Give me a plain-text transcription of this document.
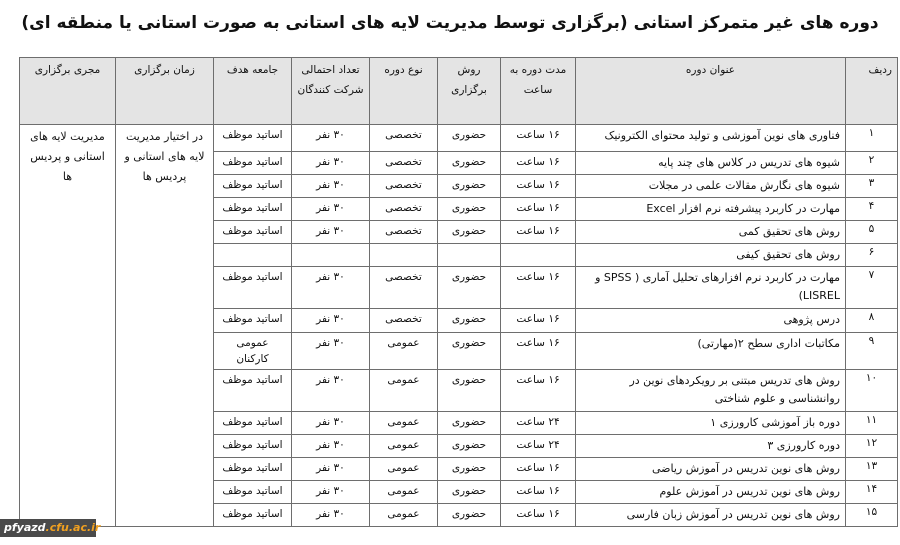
دوره های غیر متمرکز استانی (برگزاری توسط مدیریت لایه های استانی به صورت استانی یا منطقه ای)
ردیف	عنوان دوره	مدت دوره به ساعت	روش برگزاری	نوع دوره	تعداد احتمالی شرکت کنندگان	جامعه هدف	زمان برگزاری	مجری برگزاری
۱	فناوری های نوین آموزشی و تولید محتوای الکترونیک	۱۶ ساعت	حضوری	تخصصی	۳۰ نفر	اساتید موظف	در اختیار مدیریت لایه های استانی و پردیس ها	مدیریت لایه های استانی و پردیس ها
۲	شیوه های تدریس در کلاس های چند پایه	۱۶ ساعت	حضوری	تخصصی	۳۰ نفر	اساتید موظف		
۳	شیوه های نگارش مقالات علمی در مجلات	۱۶ ساعت	حضوری	تخصصی	۳۰ نفر	اساتید موظف		
۴	مهارت در کاربرد پیشرفته نرم افزار Excel	۱۶ ساعت	حضوری	تخصصی	۳۰ نفر	اساتید موظف		
۵	روش های تحقیق کمی	۱۶ ساعت	حضوری	تخصصی	۳۰ نفر	اساتید موظف		
۶	روش های تحقیق کیفی							
۷	مهارت در کاربرد نرم افزارهای تحلیل آماری ( SPSS و LISREL)	۱۶ ساعت	حضوری	تخصصی	۳۰ نفر	اساتید موظف		
۸	درس پژوهی	۱۶ ساعت	حضوری	تخصصی	۳۰ نفر	اساتید موظف		
۹	مکاتبات اداری سطح ۲(مهارتی)	۱۶ ساعت	حضوری	عمومی	۳۰ نفر	عمومی کارکنان		
۱۰	روش های تدریس مبتنی بر رویکردهای نوین در روانشناسی و علوم شناختی	۱۶ ساعت	حضوری	عمومی	۳۰ نفر	اساتید موظف		
۱۱	دوره باز آموزشی کارورزی ۱	۲۴ ساعت	حضوری	عمومی	۳۰ نفر	اساتید موظف		
۱۲	دوره کارورزی ۳	۲۴ ساعت	حضوری	عمومی	۳۰ نفر	اساتید موظف		
۱۳	روش های نوین تدریس در آموزش ریاضی	۱۶ ساعت	حضوری	عمومی	۳۰ نفر	اساتید موظف		
۱۴	روش های نوین تدریس در آموزش علوم	۱۶ ساعت	حضوری	عمومی	۳۰ نفر	اساتید موظف		
۱۵	روش های نوین تدریس در آموزش زبان فارسی	۱۶ ساعت	حضوری	عمومی	۳۰ نفر	اساتید موظف		
pfyazd.cfu.ac.ir
